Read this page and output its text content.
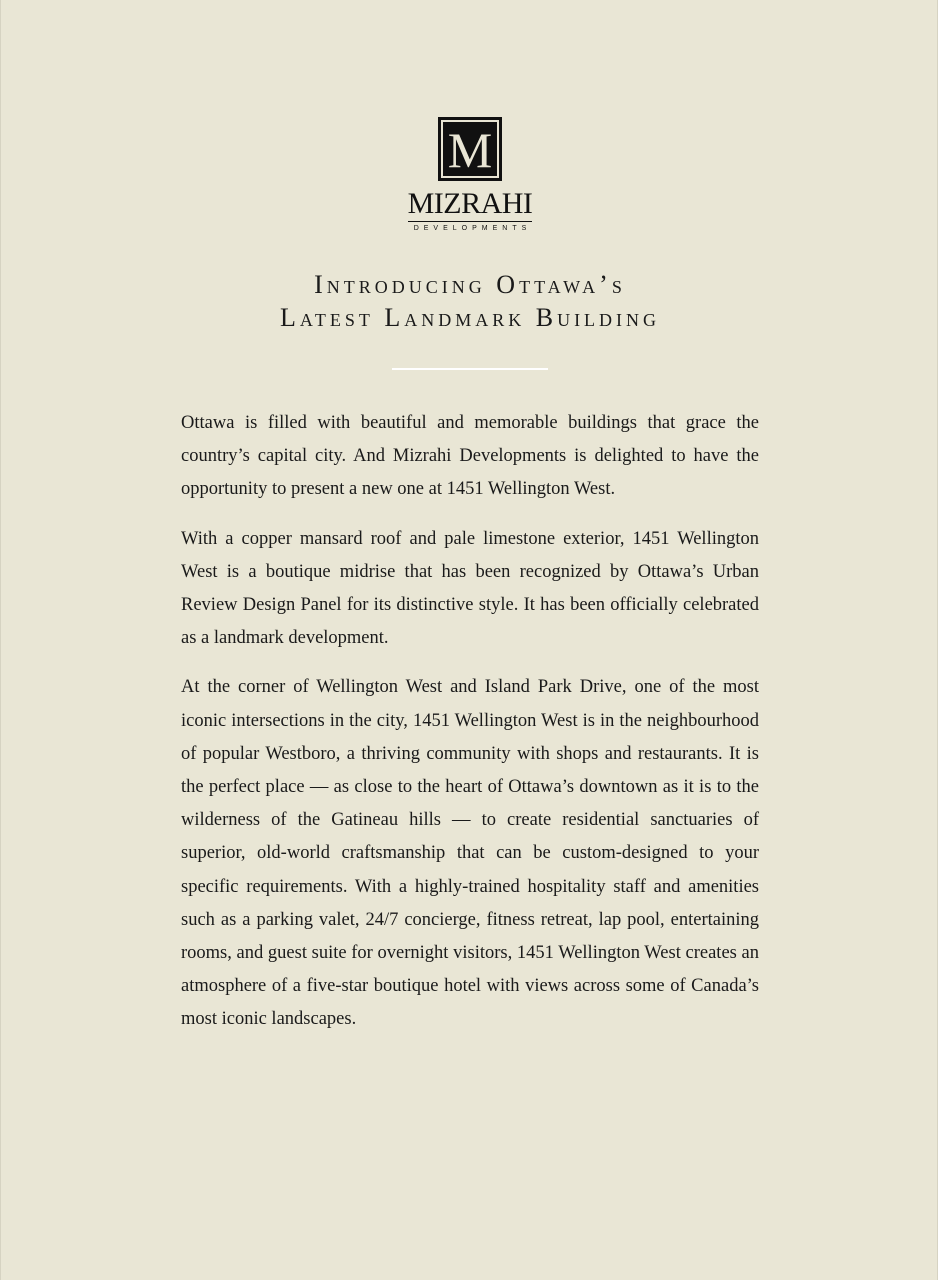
M
MIZRAHI
DEVELOPMENTS
Introducing Ottawa’s
Latest Landmark Building

Ottawa is filled with beautiful and memorable buildings that grace the country’s capital city. And Mizrahi Developments is delighted to have the opportunity to present a new one at 1451 Wellington West.

With a copper mansard roof and pale limestone exterior, 1451 Wellington West is a boutique midrise that has been recognized by Ottawa’s Urban Review Design Panel for its distinctive style. It has been officially celebrated as a landmark development.

At the corner of Wellington West and Island Park Drive, one of the most iconic intersections in the city, 1451 Wellington West is in the neighbourhood of popular Westboro, a thriving community with shops and restaurants. It is the perfect place — as close to the heart of Ottawa’s downtown as it is to the wilderness of the Gatineau hills — to create residential sanctuaries of superior, old-world craftsmanship that can be custom-designed to your specific requirements. With a highly-trained hospitality staff and amenities such as a parking valet, 24/7 concierge, fitness retreat, lap pool, entertaining rooms, and guest suite for overnight visitors, 1451 Wellington West creates an atmosphere of a five-star boutique hotel with views across some of Canada’s most iconic landscapes.
